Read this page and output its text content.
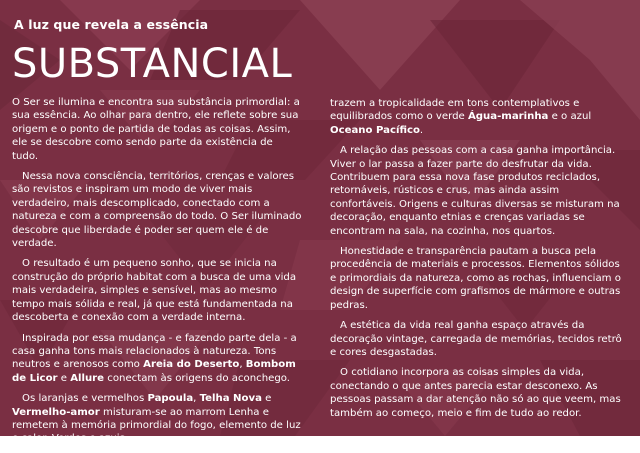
A luz que revela a essência
SUBSTANCIAL

O Ser se ilumina e encontra sua substância primordial: a sua essência. Ao olhar para dentro, ele reflete sobre sua origem e o ponto de partida de todas as coisas. Assim, ele se descobre como sendo parte da existência de tudo.

Nessa nova consciência, territórios, crenças e valores são revistos e inspiram um modo de viver mais verdadeiro, mais descomplicado, conectado com a natureza e com a compreensão do todo. O Ser iluminado descobre que liberdade é poder ser quem ele é de verdade.

O resultado é um pequeno sonho, que se inicia na construção do próprio habitat com a busca de uma vida mais verdadeira, simples e sensível, mas ao mesmo tempo mais sólida e real, já que está fundamentada na descoberta e conexão com a verdade interna.

Inspirada por essa mudança - e fazendo parte dela - a casa ganha tons mais relacionados à natureza. Tons neutros e arenosos como Areia do Deserto, Bombom de Licor e Allure conectam às origens do aconchego.

Os laranjas e vermelhos Papoula, Telha Nova e Vermelho-amor misturam-se ao marrom Lenha e remetem à memória primordial do fogo, elemento de luz e calor. Verdes e azuis

trazem a tropicalidade em tons contemplativos e equilibrados como o verde Água-marinha e o azul Oceano Pacífico.

A relação das pessoas com a casa ganha importância. Viver o lar passa a fazer parte do desfrutar da vida. Contribuem para essa nova fase produtos reciclados, retornáveis, rústicos e crus, mas ainda assim confortáveis. Origens e culturas diversas se misturam na decoração, enquanto etnias e crenças variadas se encontram na sala, na cozinha, nos quartos.

Honestidade e transparência pautam a busca pela procedência de materiais e processos. Elementos sólidos e primordiais da natureza, como as rochas, influenciam o design de superfície com grafismos de mármore e outras pedras.

A estética da vida real ganha espaço através da decoração vintage, carregada de memórias, tecidos retrô e cores desgastadas.

O cotidiano incorpora as coisas simples da vida, conectando o que antes parecia estar desconexo. As pessoas passam a dar atenção não só ao que veem, mas também ao começo, meio e fim de tudo ao redor.
